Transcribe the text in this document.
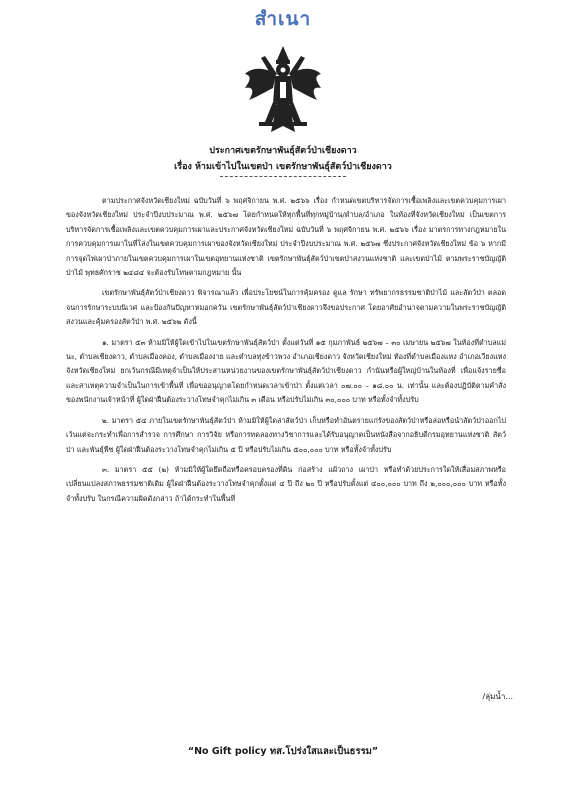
สำเนา
ประกาศเขตรักษาพันธุ์สัตว์ป่าเชียงดาว
เรื่อง ห้ามเข้าไปในเขตป่า เขตรักษาพันธุ์สัตว์ป่าเชียงดาว

ตามประกาศจังหวัดเชียงใหม่ ฉบับวันที่ ๖ พฤศจิกายน พ.ศ. ๒๕๖๖ เรื่อง กำหนดเขตบริหารจัดการเชื้อเพลิงและเขตควบคุมการเผาของจังหวัดเชียงใหม่ ประจำปีงบประมาณ พ.ศ. ๒๕๖๗ โดยกำหนดให้ทุกพื้นที่ทุกหมู่บ้าน/ตำบล/อำเภอ ในท้องที่จังหวัดเชียงใหม่ เป็นเขตการบริหารจัดการเชื้อเพลิงและเขตควบคุมการเผาและประกาศจังหวัดเชียงใหม่ ฉบับวันที่ ๖ พฤศจิกายน พ.ศ. ๒๕๖๖ เรื่อง มาตรการทางกฎหมายในการควบคุมการเผาในที่โล่งในเขตควบคุมการเผาของจังหวัดเชียงใหม่ ประจำปีงบประมาณ พ.ศ. ๒๕๖๗ ซึ่งประกาศจังหวัดเชียงใหม่ ข้อ ๖ หากมีการจุดไฟเผาป่าภายในเขตควบคุมการเผาในเขตอุทยานแห่งชาติ เขตรักษาพันธุ์สัตว์ป่าเขตป่าสงวนแห่งชาติ และเขตป่าไม้ ตามพระราชบัญญัติป่าไม้ พุทธศักราช ๒๔๘๔ จะต้องรับโทษตามกฎหมาย นั้น

เขตรักษาพันธุ์สัตว์ป่าเชียงดาว พิจารณาแล้ว เพื่อประโยชน์ในการคุ้มครอง ดูแล รักษา ทรัพยากรธรรมชาติป่าไม้ และสัตว์ป่า ตลอดจนการรักษาระบบนิเวศ และป้องกันปัญหาหมอกควัน เขตรักษาพันธุ์สัตว์ป่าเชียงดาวจึงขอประกาศ โดยอาศัยอำนาจตามความในพระราชบัญญัติสงวนและคุ้มครองสัตว์ป่า พ.ศ. ๒๕๖๒ ดังนี้

๑. มาตรา ๕๓ ห้ามมิให้ผู้ใดเข้าไปในเขตรักษาพันธุ์สัตว์ป่า ตั้งแต่วันที่ ๑๕ กุมภาพันธ์ ๒๕๖๗ – ๓๐ เมษายน ๒๕๖๗ ในท้องที่ตำบลแม่นะ, ตำบลเชียงดาว, ตำบลเมืองคอง, ตำบลเมืองงาย และตำบลทุ่งข้าวพวง อำเภอเชียงดาว จังหวัดเชียงใหม่ ท้องที่ตำบลเมืองแหง อำเภอเวียงแหง จังหวัดเชียงใหม่ ยกเว้นกรณีมีเหตุจำเป็นให้ประสานหน่วยงานของเขตรักษาพันธุ์สัตว์ป่าเชียงดาว กำนันหรือผู้ใหญ่บ้านในท้องที่ เพื่อแจ้งรายชื่อและสาเหตุความจำเป็นในการเข้าพื้นที่ เพื่อขออนุญาตโดยกำหนดเวลาเข้าป่า ตั้งแต่เวลา ๐๗.๐๐ – ๑๘.๐๐ น. เท่านั้น และต้องปฏิบัติตามคำสั่งของพนักงานเจ้าหน้าที่ ผู้ใดฝ่าฝืนต้องระวางโทษจำคุกไม่เกิน ๓ เดือน หรือปรับไม่เกิน ๓๐,๐๐๐ บาท หรือทั้งจำทั้งปรับ

๒. มาตรา ๕๔ ภายในเขตรักษาพันธุ์สัตว์ป่า ห้ามมิให้ผู้ใดล่าสัตว์ป่า เก็บหรือทำอันตรายแก่รังของสัตว์ป่าหรือล่อหรือนำสัตว์ป่าออกไป เว้นแต่จะกระทำเพื่อการสำรวจ การศึกษา การวิจัย หรือการทดลองทางวิชาการและได้รับอนุญาตเป็นหนังสือจากอธิบดีกรมอุทยานแห่งชาติ สัตว์ป่า และพันธุ์พืช ผู้ใดฝ่าฝืนต้องระวางโทษจำคุกไม่เกิน ๕ ปี หรือปรับไม่เกิน ๕๐๐,๐๐๐ บาท หรือทั้งจำทั้งปรับ

๓. มาตรา ๕๕ (๒) ห้ามมิให้ผู้ใดยึดถือหรือครอบครองที่ดิน ก่อสร้าง แผ้วถาง เผาป่า หรือทำด้วยประการใดให้เสื่อมสภาพหรือเปลี่ยนแปลงสภาพธรรมชาติเดิม ผู้ใดฝ่าฝืนต้องระวางโทษจำคุกตั้งแต่ ๔ ปี ถึง ๒๐ ปี หรือปรับตั้งแต่ ๔๐๐,๐๐๐ บาท ถึง ๒,๐๐๐,๐๐๐ บาท หรือทั้งจำทั้งปรับ ในกรณีความผิดดังกล่าว ถ้าได้กระทำในพื้นที่

/ลุ่มน้ำ...
“No Gift policy ทส.โปร่งใสและเป็นธรรม”
